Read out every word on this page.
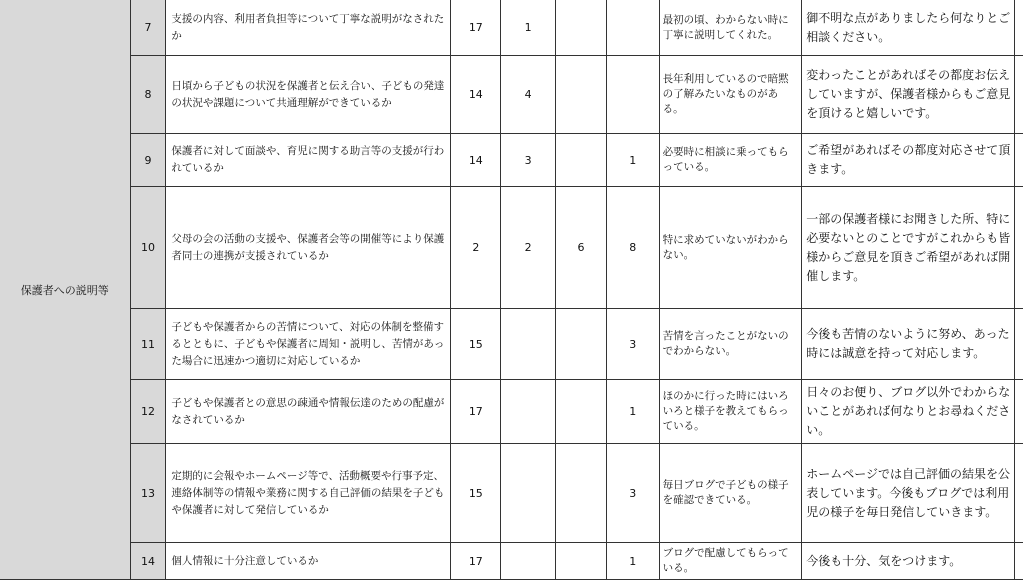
保護者への説明等	7	支援の内容、利用者負担等について丁寧な説明がなされたか	17	1			最初の頃、わからない時に丁寧に説明してくれた。	御不明な点がありましたら何なりとご相談ください。	
	8	日頃から子どもの状況を保護者と伝え合い、子どもの発達の状況や課題について共通理解ができているか	14	4			長年利用しているので暗黙の了解みたいなものがある。	変わったことがあればその都度お伝えしていますが、保護者様からもご意見を頂けると嬉しいです。	
	9	保護者に対して面談や、育児に関する助言等の支援が行われているか	14	3		1	必要時に相談に乗ってもらっている。	ご希望があればその都度対応させて頂きます。	
	10	父母の会の活動の支援や、保護者会等の開催等により保護者同士の連携が支援されているか	2	2	6	8	特に求めていないがわからない。	一部の保護者様にお聞きした所、特に必要ないとのことですがこれからも皆様からご意見を頂きご希望があれば開催します。	
	11	子どもや保護者からの苦情について、対応の体制を整備するとともに、子どもや保護者に周知・説明し、苦情があった場合に迅速かつ適切に対応しているか	15			3	苦情を言ったことがないのでわからない。	今後も苦情のないように努め、あった時には誠意を持って対応します。	
	12	子どもや保護者との意思の疎通や情報伝達のための配慮がなされているか	17			1	ほのかに行った時にはいろいろと様子を教えてもらっている。	日々のお便り、ブログ以外でわからないことがあれば何なりとお尋ねください。	
	13	定期的に会報やホームページ等で、活動概要や行事予定、連絡体制等の情報や業務に関する自己評価の結果を子どもや保護者に対して発信しているか	15			3	毎日ブログで子どもの様子を確認できている。	ホームページでは自己評価の結果を公表しています。今後もブログでは利用児の様子を毎日発信していきます。	
	14	個人情報に十分注意しているか	17			1	ブログで配慮してもらっている。	今後も十分、気をつけます。	
